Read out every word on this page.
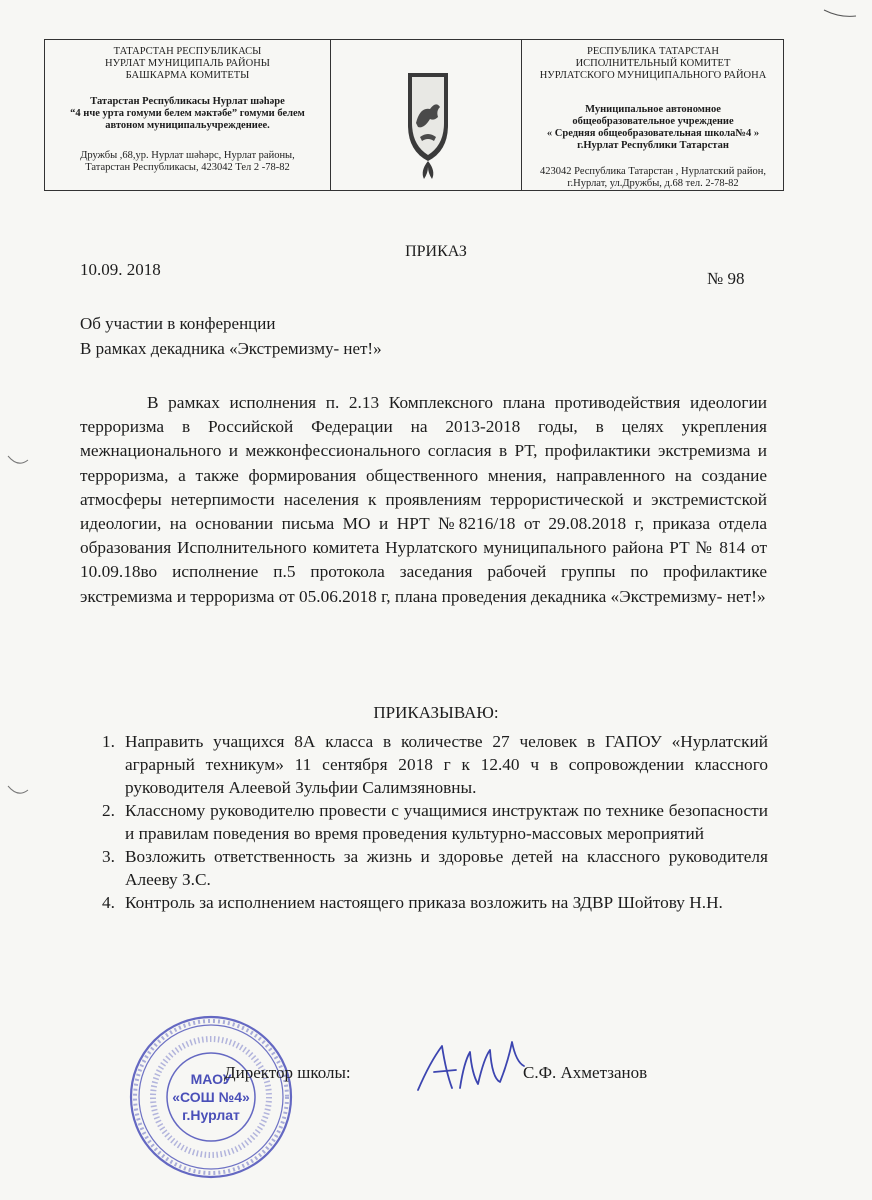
ТАТАРСТАН РЕСПУБЛИКАСЫ
НУРЛАТ МУНИЦИПАЛЬ РАЙОНЫ
БАШКАРМА КОМИТЕТЫ
Татарстан Республикасы Нурлат шәһәре
“4 нче урта гомуми белем мәктәбе” гомуми белем
автоном муниципальучреждениеe.
Дружбы ,68,ур. Нурлат шәһәрс, Нурлат районы,
Татарстан Республикасы, 423042 Тел 2 -78-82
РЕСПУБЛИКА ТАТАРСТАН
ИСПОЛНИТЕЛЬНЫЙ КОМИТЕТ
НУРЛАТСКОГО МУНИЦИПАЛЬНОГО РАЙОНА
Муниципальное автономное
общеобразовательное учреждение
« Средняя общеобразовательная школа№4 »
г.Нурлат Республики Татарстан
423042 Республика Татарстан , Нурлатский район,
г.Нурлат, ул.Дружбы, д.68 тел. 2-78-82
ПРИКАЗ
10.09. 2018	№ 98
Об участии в конференции
В рамках декадника «Экстремизму- нет!»
В рамках исполнения п. 2.13 Комплексного плана противодействия идеологии терроризма в Российской Федерации на 2013-2018 годы, в целях укрепления межнационального и межконфессионального согласия в РТ, профилактики экстремизма и терроризма, а также формирования общественного мнения, направленного на создание атмосферы нетерпимости населения к проявлениям террористической и экстремистской идеологии, на основании письма МО и НРТ №8216/18 от 29.08.2018 г, приказа отдела образования Исполнительного комитета Нурлатского муниципального района РТ № 814 от 10.09.18во исполнение п.5 протокола заседания рабочей группы по профилактике экстремизма и терроризма от 05.06.2018 г, плана проведения декадника «Экстремизму- нет!»
ПРИКАЗЫВАЮ:
1. Направить учащихся 8А класса в количестве 27 человек в ГАПОУ «Нурлатский аграрный техникум» 11 сентября 2018 г к 12.40 ч в сопровождении классного руководителя Алеевой Зульфии Салимзяновны.
2. Классному руководителю провести с учащимися инструктаж по технике безопасности и правилам поведения во время проведения культурно-массовых мероприятий
3. Возложить ответственность за жизнь и здоровье детей на классного руководителя Алееву З.С.
4. Контроль за исполнением настоящего приказа возложить на ЗДВР Шойтову Н.Н.
МАОУ
«СОШ №4»
г.Нурлат
Директор школы:	С.Ф. Ахметзанов
